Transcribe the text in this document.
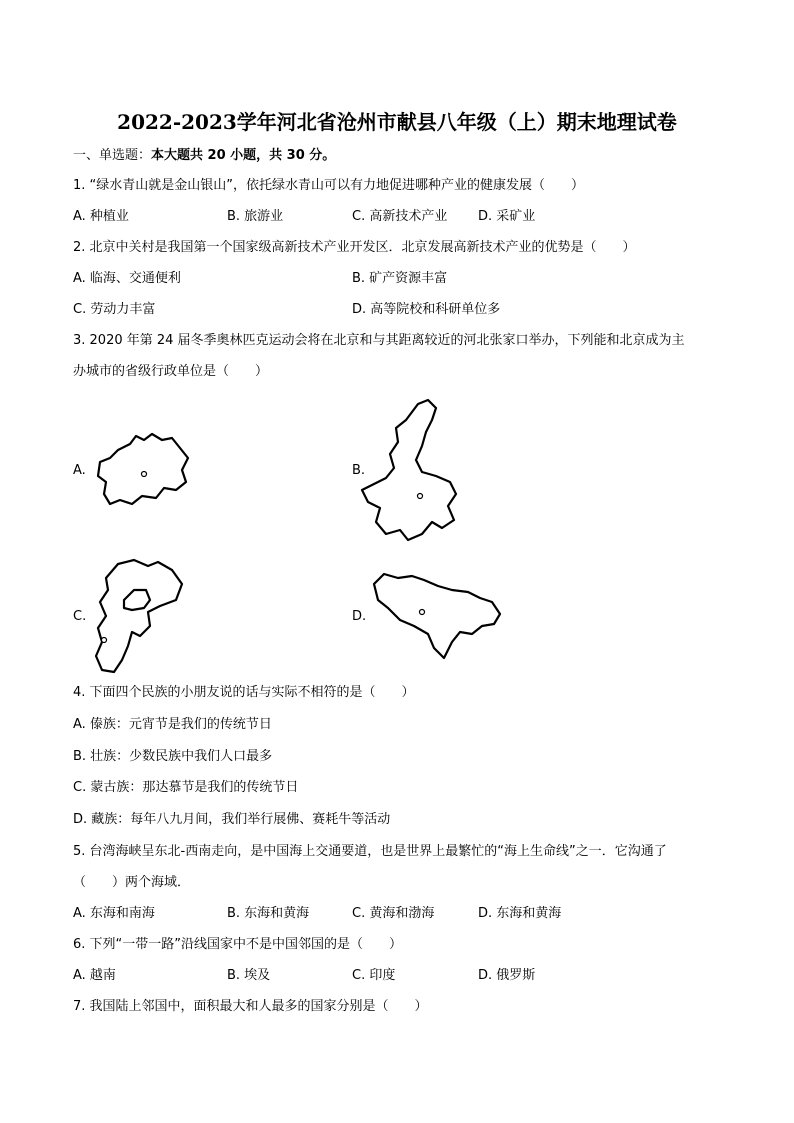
2022-2023学年河北省沧州市献县八年级（上）期末地理试卷
一、单选题：本大题共 20 小题，共 30 分。
1. “绿水青山就是金山银山”，依托绿水青山可以有力地促进哪种产业的健康发展（　　）
A. 种植业	B. 旅游业	C. 高新技术产业 D. 采矿业
2. 北京中关村是我国第一个国家级高新技术产业开发区．北京发展高新技术产业的优势是（　　）
A. 临海、交通便利	B. 矿产资源丰富
C. 劳动力丰富	D. 高等院校和科研单位多
3. 2020 年第 24 届冬季奥林匹克运动会将在北京和与其距离较近的河北张家口举办，下列能和北京成为主
办城市的省级行政单位是（　　）
A.	B.
C.	D.
4. 下面四个民族的小朋友说的话与实际不相符的是（　　）
A. 傣族：元宵节是我们的传统节日
B. 壮族：少数民族中我们人口最多
C. 蒙古族：那达慕节是我们的传统节日
D. 藏族：每年八九月间，我们举行展佛、赛耗牛等活动
5. 台湾海峡呈东北-西南走向，是中国海上交通要道，也是世界上最繁忙的“海上生命线”之一．它沟通了
（　　）两个海域．
A. 东海和南海	B. 东海和黄海	C. 黄海和渤海	D. 东海和黄海
6. 下列“一带一路”沿线国家中不是中国邻国的是（　　）
A. 越南	B. 埃及	C. 印度	D. 俄罗斯
7. 我国陆上邻国中，面积最大和人最多的国家分别是（　　）
